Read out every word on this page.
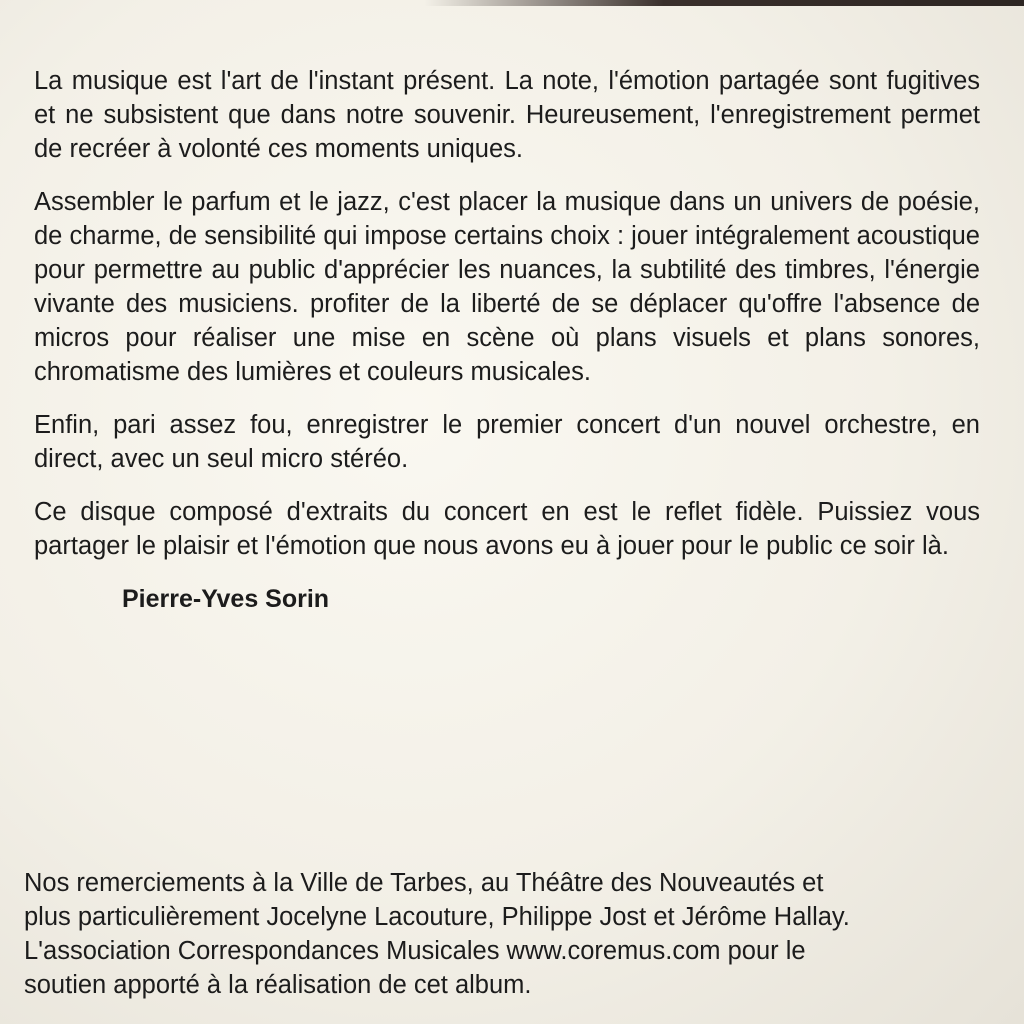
La musique est l'art de l'instant présent. La note, l'émotion partagée sont fugitives et ne subsistent que dans notre souvenir. Heureusement, l'enregistrement permet de recréer à volonté ces moments uniques.

Assembler le parfum et le jazz, c'est placer la musique dans un univers de poésie, de charme, de sensibilité qui impose certains choix : jouer intégralement acoustique pour permettre au public d'apprécier les nuances, la subtilité des timbres, l'énergie vivante des musiciens. profiter de la liberté de se déplacer qu'offre l'absence de micros pour réaliser une mise en scène où plans visuels et plans sonores, chromatisme des lumières et couleurs musicales.

Enfin, pari assez fou, enregistrer le premier concert d'un nouvel orchestre, en direct, avec un seul micro stéréo.

Ce disque composé d'extraits du concert en est le reflet fidèle. Puissiez vous partager le plaisir et l'émotion que nous avons eu à jouer pour le public ce soir là.

Pierre-Yves Sorin
Nos remerciements à la Ville de Tarbes, au Théâtre des Nouveautés et
plus particulièrement Jocelyne Lacouture, Philippe Jost et Jérôme Hallay.
L'association Correspondances Musicales www.coremus.com pour le
soutien apporté à la réalisation de cet album.
